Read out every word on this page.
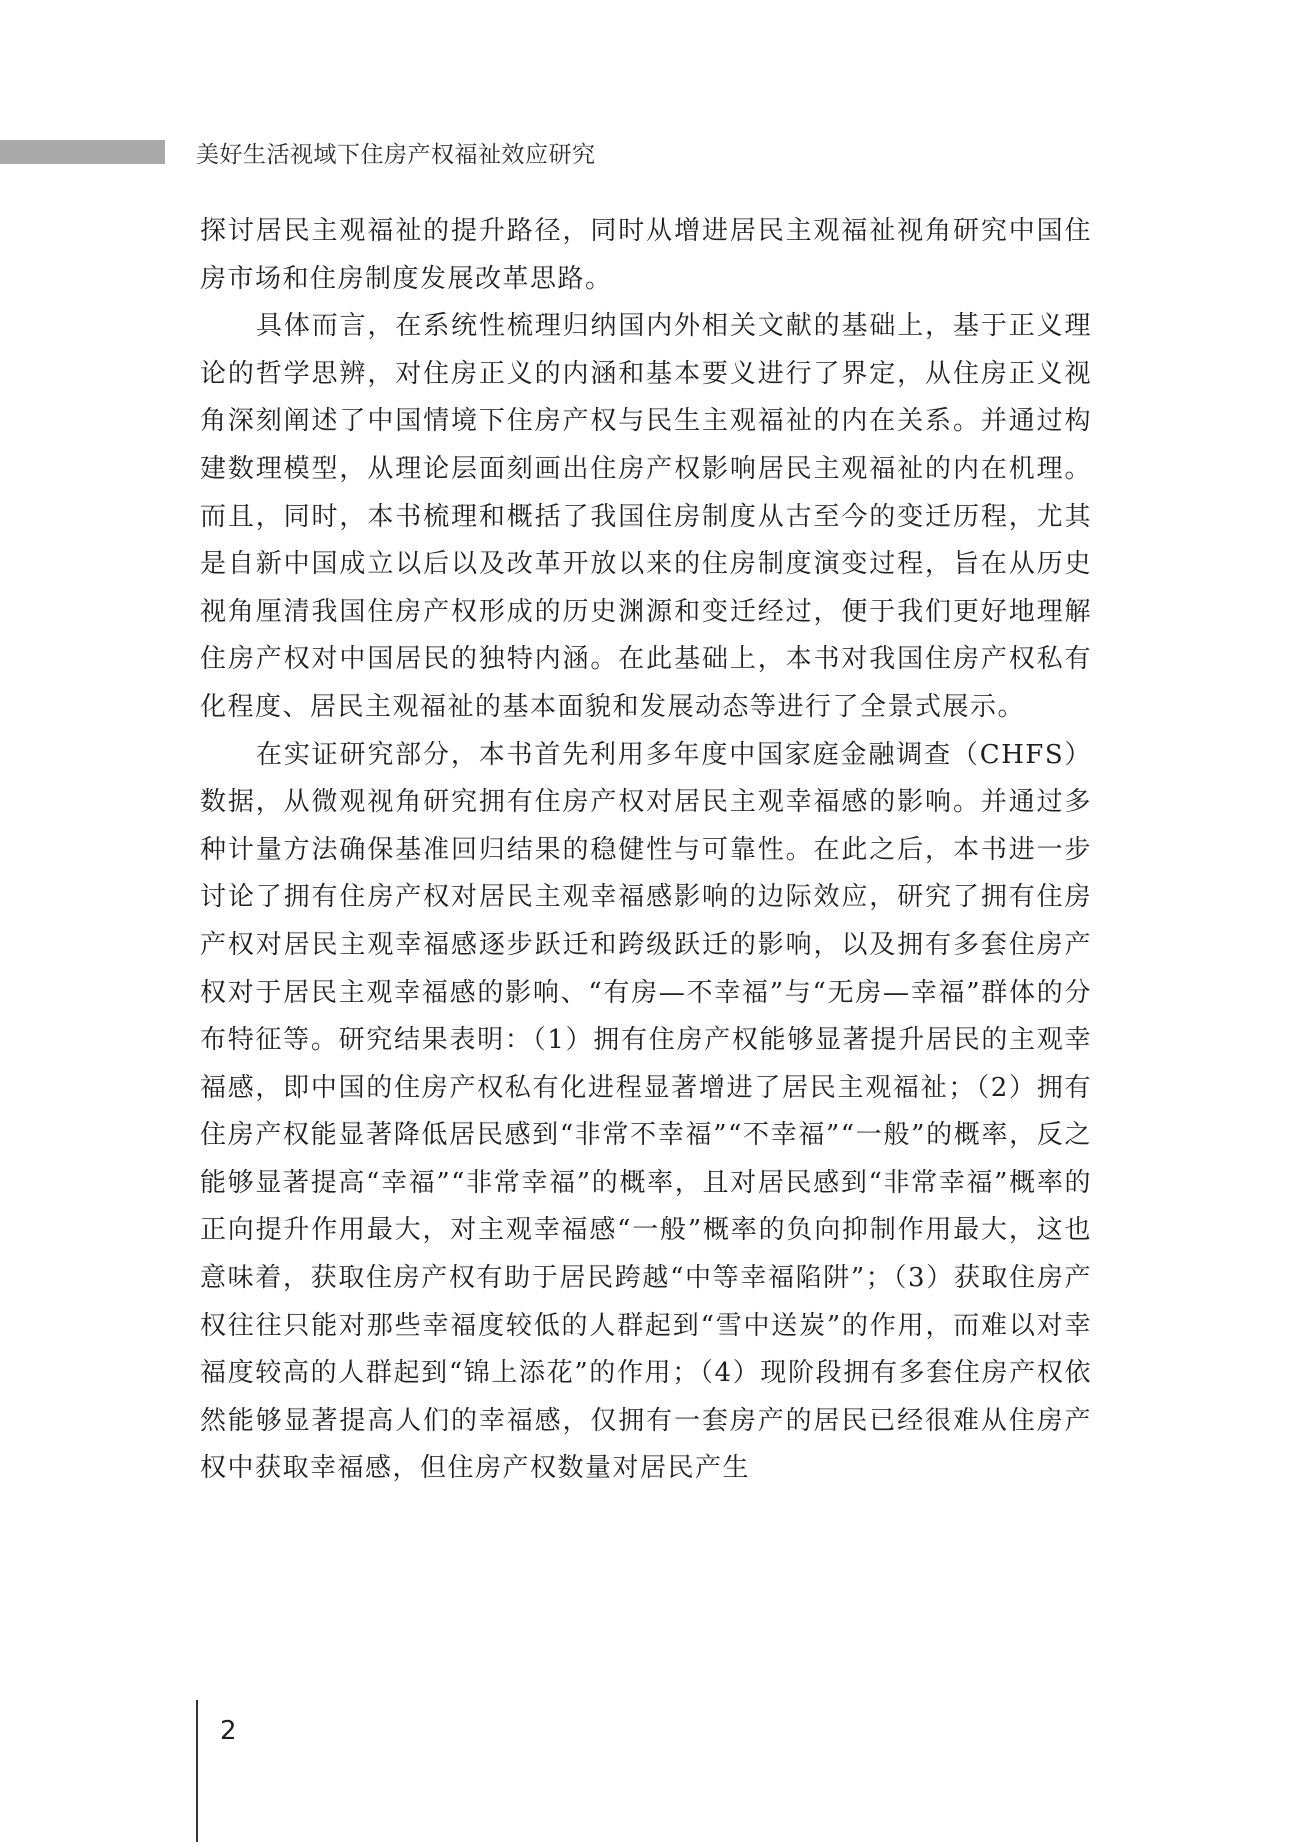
美好生活视域下住房产权福祉效应研究

探讨居民主观福祉的提升路径，同时从增进居民主观福祉视角研究中国住房市场和住房制度发展改革思路。

具体而言，在系统性梳理归纳国内外相关文献的基础上，基于正义理论的哲学思辨，对住房正义的内涵和基本要义进行了界定，从住房正义视角深刻阐述了中国情境下住房产权与民生主观福祉的内在关系。并通过构建数理模型，从理论层面刻画出住房产权影响居民主观福祉的内在机理。而且，同时，本书梳理和概括了我国住房制度从古至今的变迁历程，尤其是自新中国成立以后以及改革开放以来的住房制度演变过程，旨在从历史视角厘清我国住房产权形成的历史渊源和变迁经过，便于我们更好地理解住房产权对中国居民的独特内涵。在此基础上，本书对我国住房产权私有化程度、居民主观福祉的基本面貌和发展动态等进行了全景式展示。

在实证研究部分，本书首先利用多年度中国家庭金融调查（CHFS）数据，从微观视角研究拥有住房产权对居民主观幸福感的影响。并通过多种计量方法确保基准回归结果的稳健性与可靠性。在此之后，本书进一步讨论了拥有住房产权对居民主观幸福感影响的边际效应，研究了拥有住房产权对居民主观幸福感逐步跃迁和跨级跃迁的影响，以及拥有多套住房产权对于居民主观幸福感的影响、“有房—不幸福”与“无房—幸福”群体的分布特征等。研究结果表明：（1）拥有住房产权能够显著提升居民的主观幸福感，即中国的住房产权私有化进程显著增进了居民主观福祉；（2）拥有住房产权能显著降低居民感到“非常不幸福”“不幸福”“一般”的概率，反之能够显著提高“幸福”“非常幸福”的概率，且对居民感到“非常幸福”概率的正向提升作用最大，对主观幸福感“一般”概率的负向抑制作用最大，这也意味着，获取住房产权有助于居民跨越“中等幸福陷阱”；（3）获取住房产权往往只能对那些幸福度较低的人群起到“雪中送炭”的作用，而难以对幸福度较高的人群起到“锦上添花”的作用；（4）现阶段拥有多套住房产权依然能够显著提高人们的幸福感，仅拥有一套房产的居民已经很难从住房产权中获取幸福感，但住房产权数量对居民产生

2
